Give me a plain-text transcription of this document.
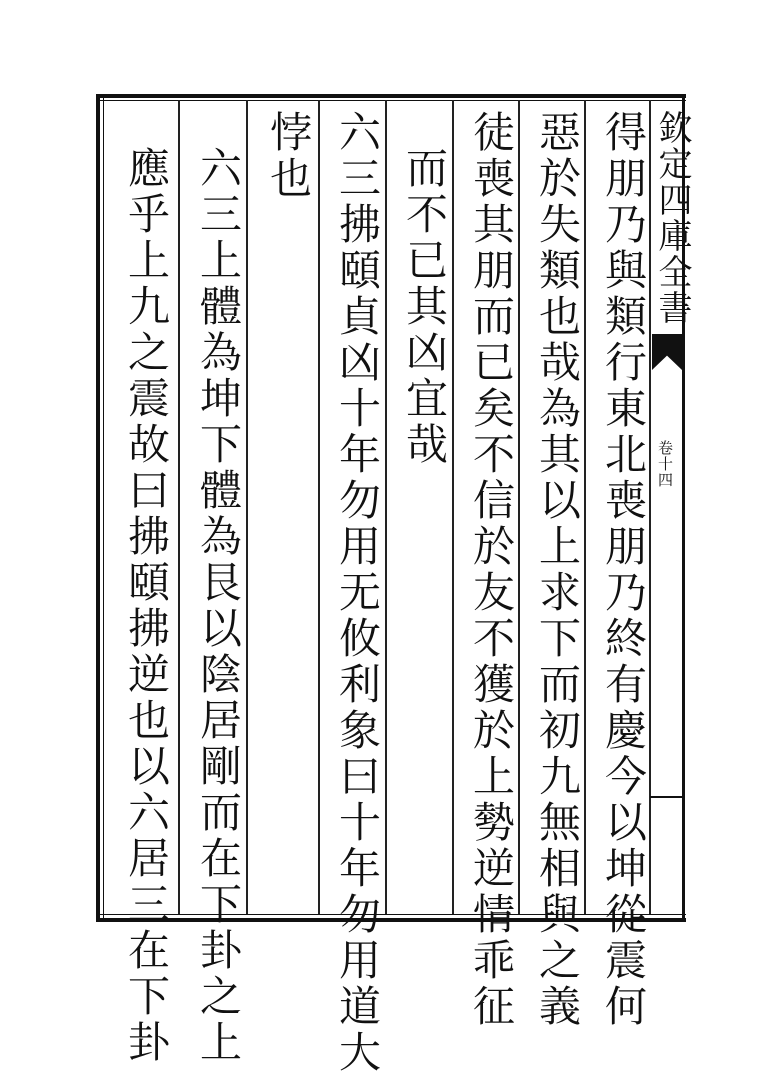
欽定四庫全書
卷十四
得朋乃與類行東北喪朋乃終有慶今以坤從震何
惡於失類也哉為其以上求下而初九無相與之義
徒喪其朋而已矣不信於友不獲於上勢逆情乖征
而不已其凶宜哉
六三拂頤貞凶十年勿用无攸利象曰十年勿用道大
悖也
六三上體為坤下體為艮以陰居剛而在下卦之上
應乎上九之震故曰拂頤拂逆也以六居三在下卦
